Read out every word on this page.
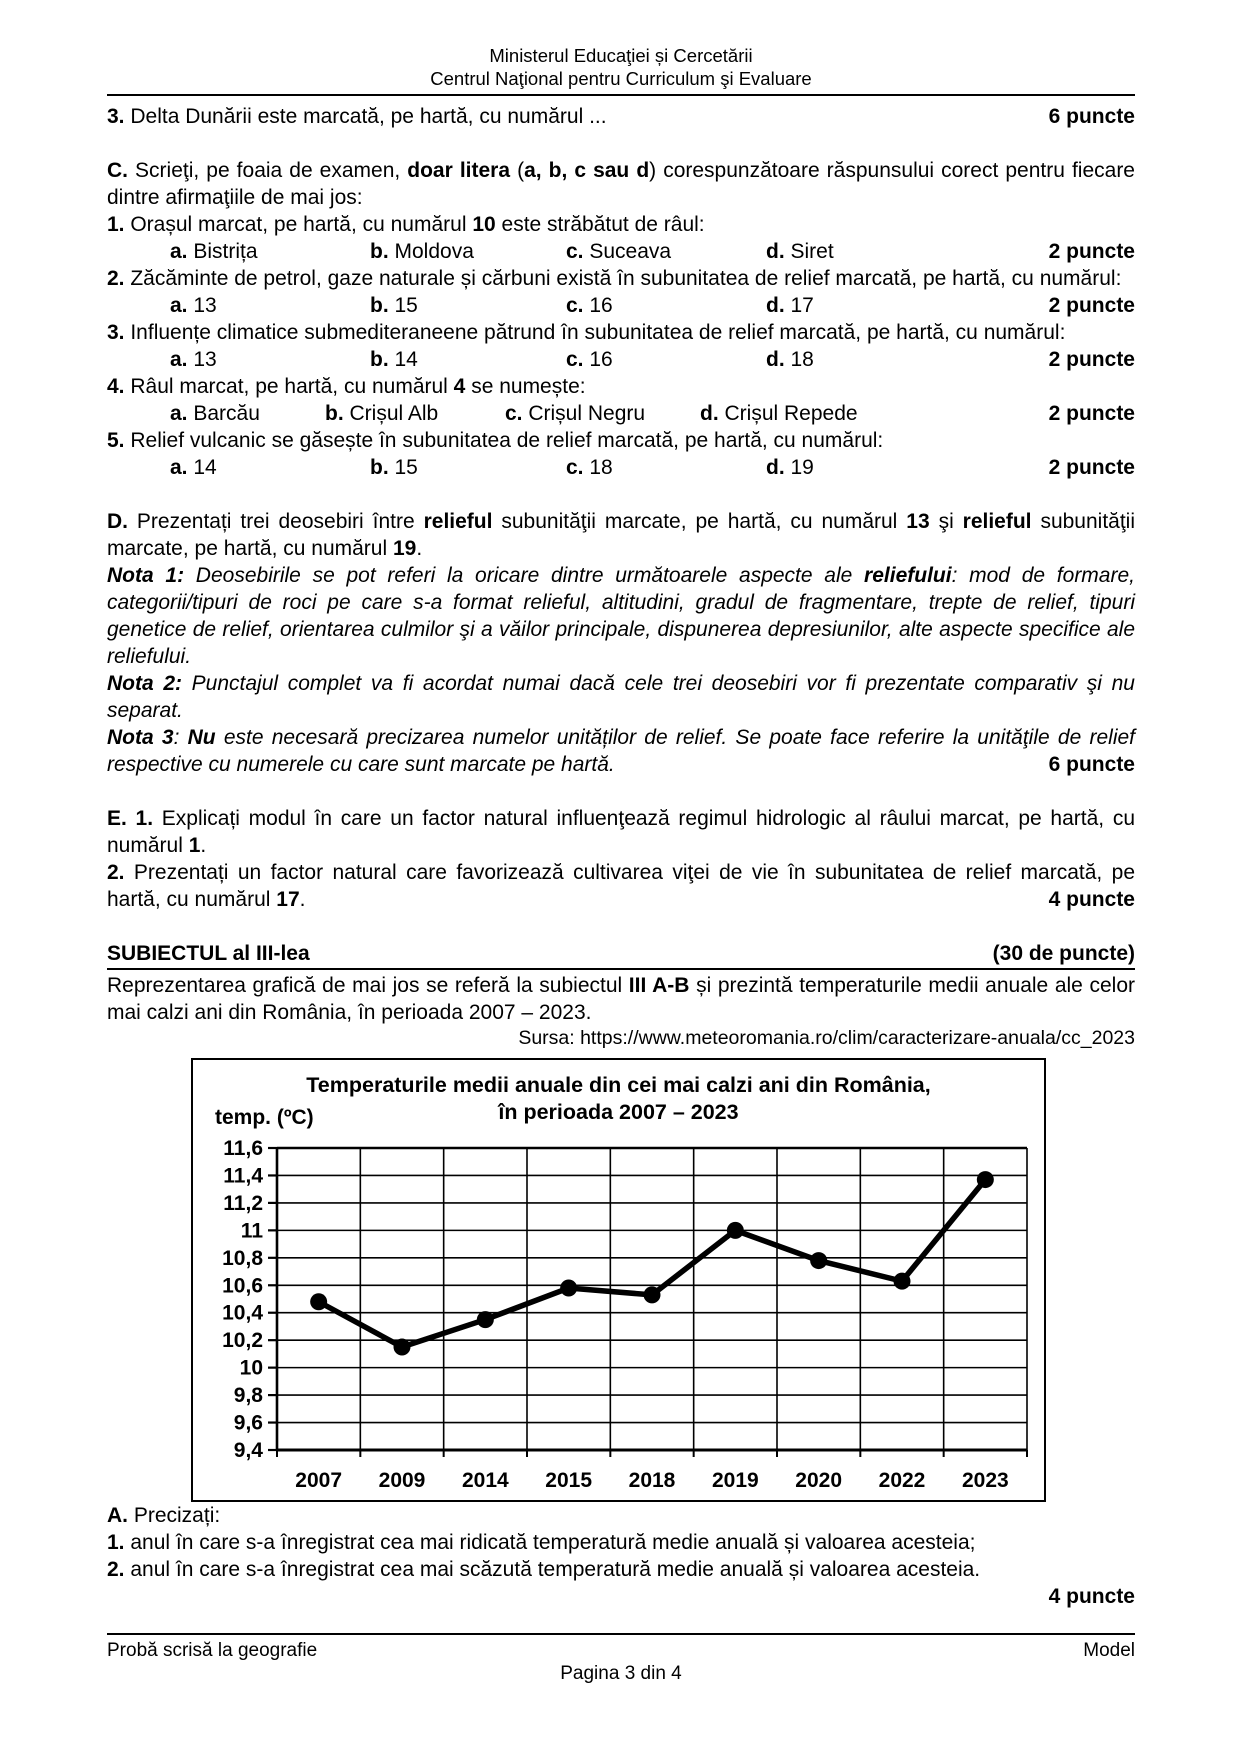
Ministerul Educaţiei și Cercetării
Centrul Naţional pentru Curriculum şi Evaluare
3. Delta Dunării este marcată, pe hartă, cu numărul ...	6 puncte
C. Scrieţi, pe foaia de examen, doar litera (a, b, c sau d) corespunzătoare răspunsului corect pentru fiecare dintre afirmaţiile de mai jos:
1. Orașul marcat, pe hartă, cu numărul 10 este străbătut de râul:
a. Bistrița	b. Moldova	c. Suceava	d. Siret	2 puncte
2. Zăcăminte de petrol, gaze naturale și cărbuni există în subunitatea de relief marcată, pe hartă, cu numărul:
a. 13	b. 15	c. 16	d. 17	2 puncte
3. Influențe climatice submediteraneene pătrund în subunitatea de relief marcată, pe hartă, cu numărul:
a. 13	b. 14	c. 16	d. 18	2 puncte
4. Râul marcat, pe hartă, cu numărul 4 se numește:
a. Barcău	b. Crișul Alb	c. Crișul Negru	d. Crișul Repede	2 puncte
5. Relief vulcanic se găsește în subunitatea de relief marcată, pe hartă, cu numărul:
a. 14	b. 15	c. 18	d. 19	2 puncte
D. Prezentați trei deosebiri între relieful subunităţii marcate, pe hartă, cu numărul 13 şi relieful subunităţii marcate, pe hartă, cu numărul 19.
Nota 1: Deosebirile se pot referi la oricare dintre următoarele aspecte ale reliefului: mod de formare, categorii/tipuri de roci pe care s-a format relieful, altitudini, gradul de fragmentare, trepte de relief, tipuri genetice de relief, orientarea culmilor şi a văilor principale, dispunerea depresiunilor, alte aspecte specifice ale reliefului.
Nota 2: Punctajul complet va fi acordat numai dacă cele trei deosebiri vor fi prezentate comparativ şi nu separat.
Nota 3: Nu este necesară precizarea numelor unităților de relief. Se poate face referire la unităţile de relief respective cu numerele cu care sunt marcate pe hartă.	6 puncte
E. 1. Explicați modul în care un factor natural influenţează regimul hidrologic al râului marcat, pe hartă, cu numărul 1.
2. Prezentați un factor natural care favorizează cultivarea viţei de vie în subunitatea de relief marcată, pe hartă, cu numărul 17.	4 puncte
SUBIECTUL al III-lea	(30 de puncte)
Reprezentarea grafică de mai jos se referă la subiectul III A-B și prezintă temperaturile medii anuale ale celor mai calzi ani din România, în perioada 2007 – 2023.
Sursa: https://www.meteoromania.ro/clim/caracterizare-anuala/cc_2023
Temperaturile medii anuale din cei mai calzi ani din România,
în perioada 2007 – 2023
temp. (ºC)
9,4
9,6
9,8
10
10,2
10,4
10,6
10,8
11
11,2
11,4
11,6
2007 2009 2014 2015 2018 2019 2020 2022 2023
A. Precizați:
1. anul în care s-a înregistrat cea mai ridicată temperatură medie anuală și valoarea acesteia;
2. anul în care s-a înregistrat cea mai scăzută temperatură medie anuală și valoarea acesteia.
4 puncte
Probă scrisă la geografie	Model
Pagina 3 din 4
